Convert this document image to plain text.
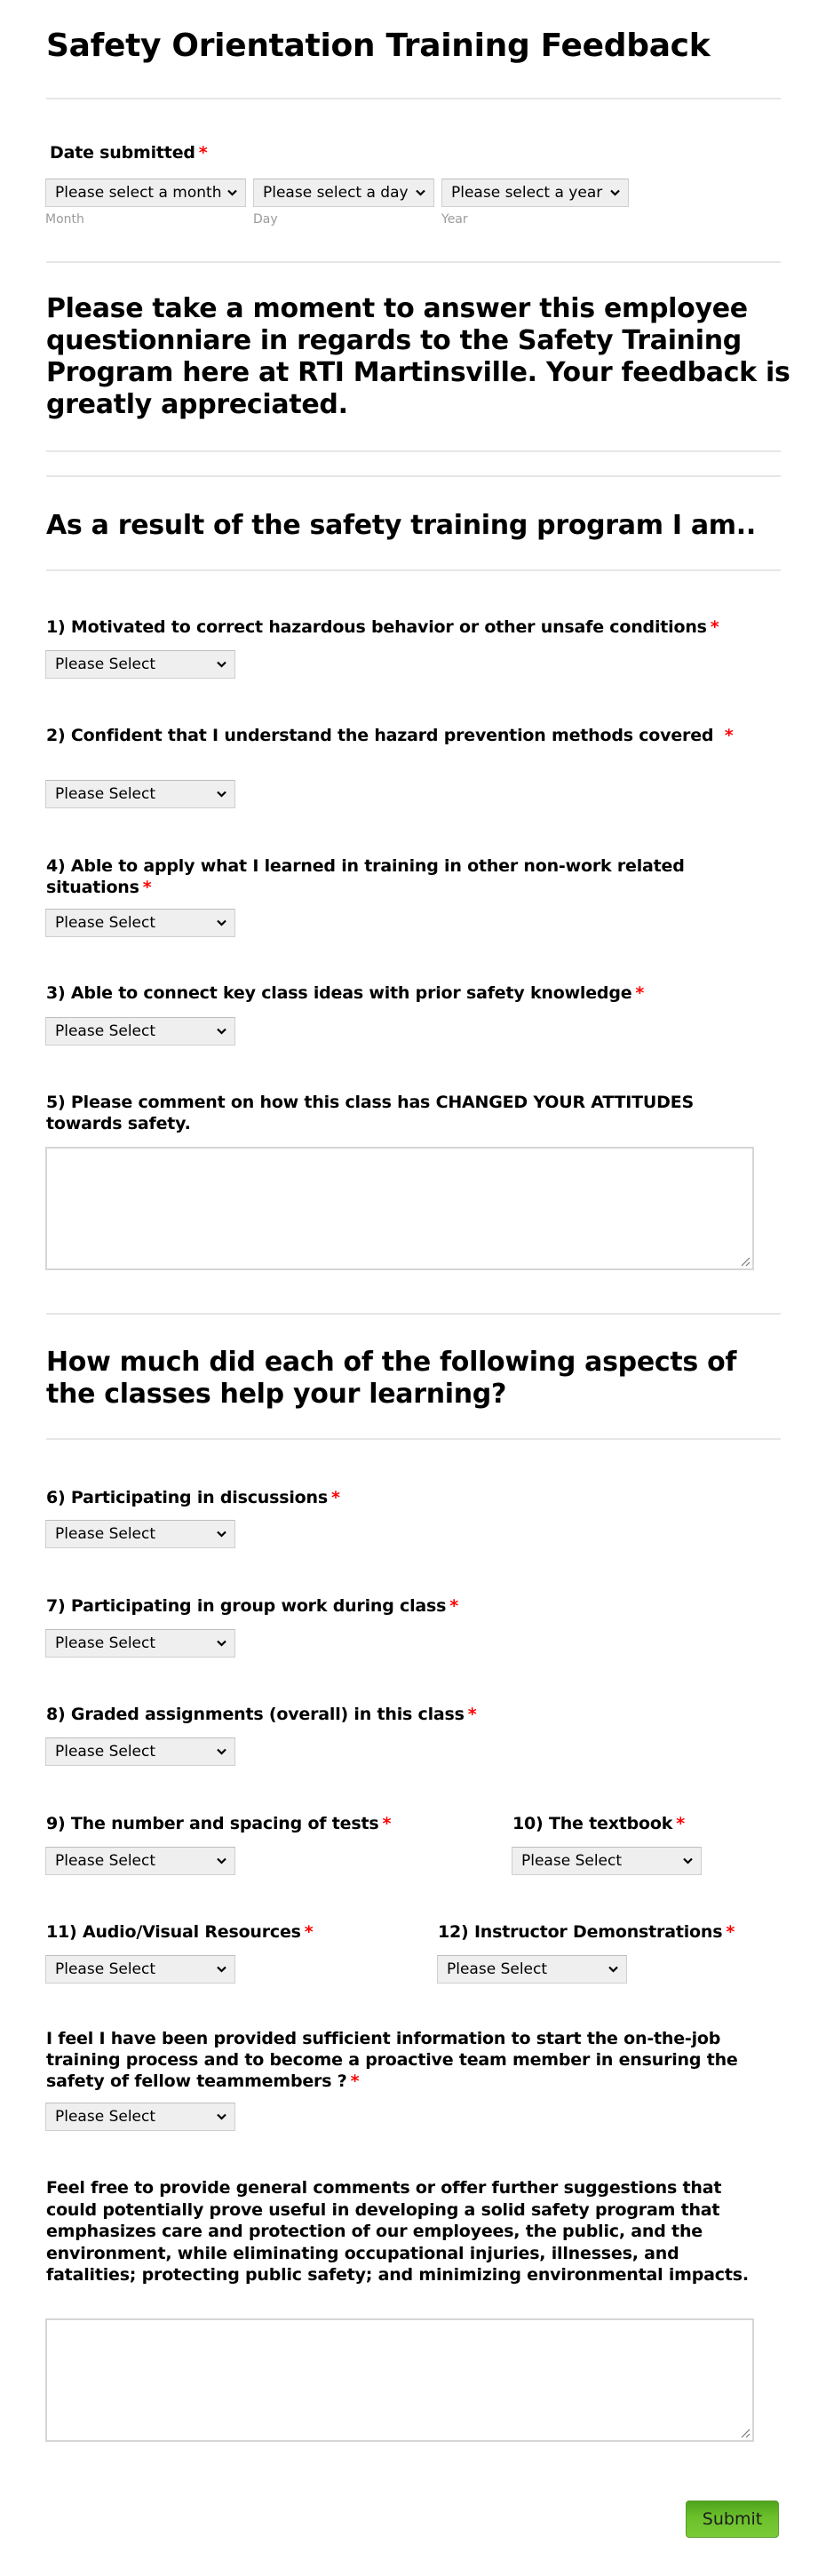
Safety Orientation Training Feedback
Date submitted *
Please select a month	Please select a day	Please select a year
Month	Day	Year
Please take a moment to answer this employee questionniare in regards to the Safety Training Program here at RTI Martinsville. Your feedback is greatly appreciated.
As a result of the safety training program I am..
1) Motivated to correct hazardous behavior or other unsafe conditions *
Please Select
2) Confident that I understand the hazard prevention methods covered *
Please Select
4) Able to apply what I learned in training in other non-work related situations *
Please Select
3) Able to connect key class ideas with prior safety knowledge *
Please Select
5) Please comment on how this class has CHANGED YOUR ATTITUDES towards safety.
How much did each of the following aspects of the classes help your learning?
6) Participating in discussions *
Please Select
7) Participating in group work during class *
Please Select
8) Graded assignments (overall) in this class *
Please Select
9) The number and spacing of tests *
Please Select
10) The textbook *
Please Select
11) Audio/Visual Resources *
Please Select
12) Instructor Demonstrations *
Please Select
I feel I have been provided sufficient information to start the on-the-job training process and to become a proactive team member in ensuring the safety of fellow teammembers ? *
Please Select
Feel free to provide general comments or offer further suggestions that could potentially prove useful in developing a solid safety program that emphasizes care and protection of our employees, the public, and the environment, while eliminating occupational injuries, illnesses, and fatalities; protecting public safety; and minimizing environmental impacts.
Submit
